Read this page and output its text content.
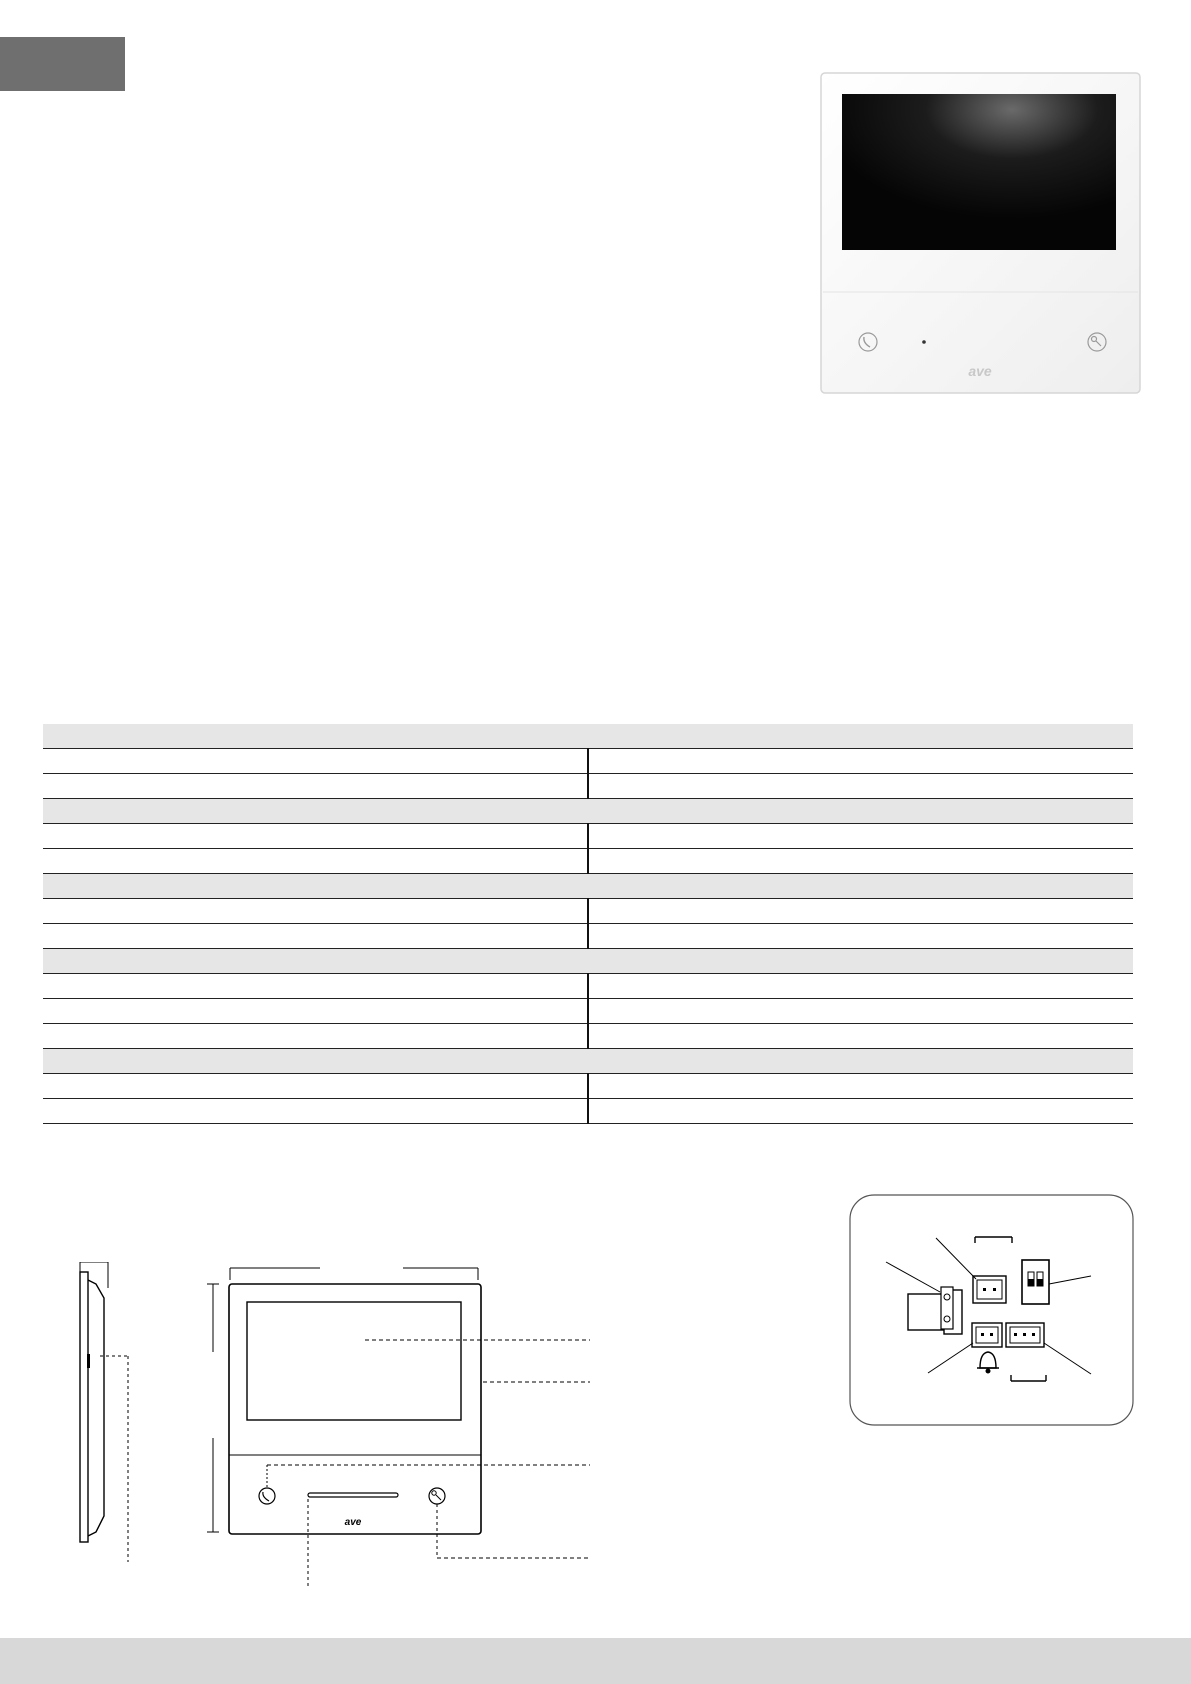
ave

ave
